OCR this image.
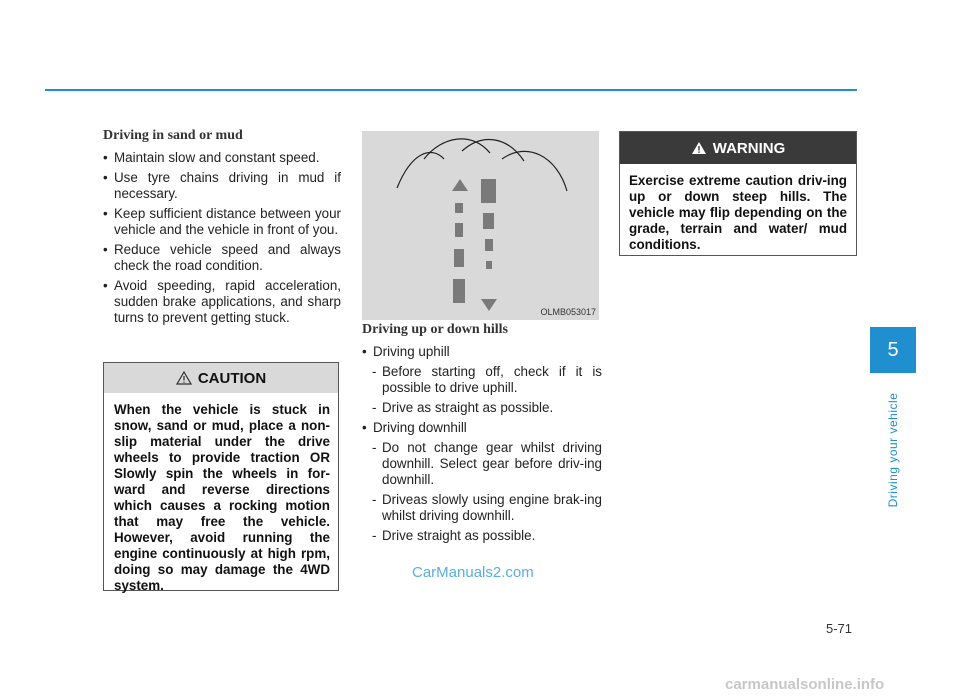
Driving in sand or mud
• Maintain slow and constant speed.
• Use tyre chains driving in mud if necessary.
• Keep sufficient distance between your vehicle and the vehicle in front of you.
• Reduce vehicle speed and always check the road condition.
• Avoid speeding, rapid acceleration, sudden brake applications, and sharp turns to prevent getting stuck.
CAUTION
When the vehicle is stuck in snow, sand or mud, place a non-slip material under the drive wheels to provide traction OR Slowly spin the wheels in for-ward and reverse directions which causes a rocking motion that may free the vehicle. However, avoid running the engine continuously at high rpm, doing so may damage the 4WD system.
OLMB053017
Driving up or down hills
• Driving uphill
- Before starting off, check if it is possible to drive uphill.
- Drive as straight as possible.
• Driving downhill
- Do not change gear whilst driving downhill. Select gear before driv-ing downhill.
- Driveas slowly using engine brak-ing whilst driving downhill.
- Drive straight as possible.
WARNING
Exercise extreme caution driv-ing up or down steep hills. The vehicle may flip depending on the grade, terrain and water/ mud conditions.
5
Driving your vehicle
5-71
CarManuals2.com
carmanualsonline.info
